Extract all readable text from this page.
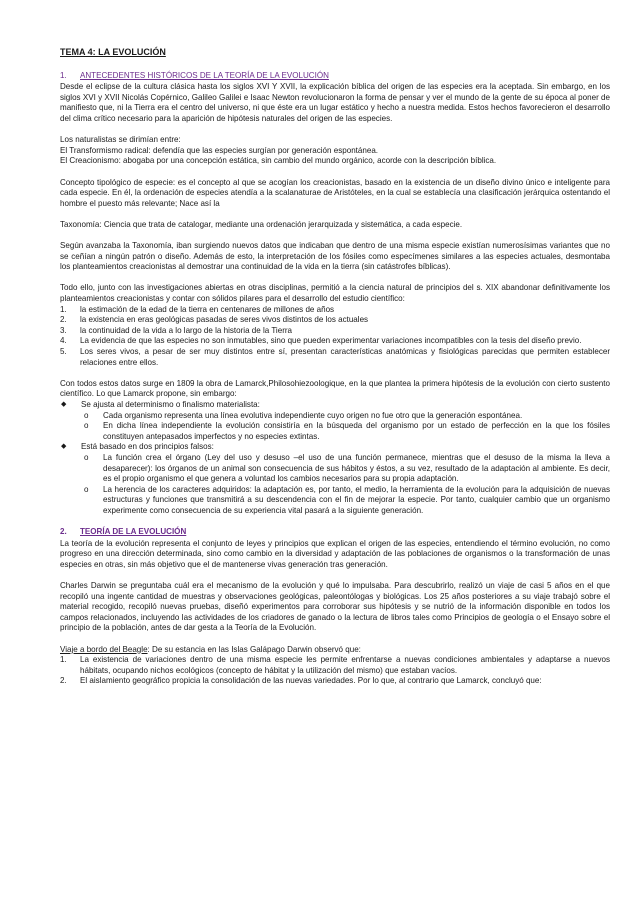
TEMA 4: LA EVOLUCIÓN
1.	ANTECEDENTES HISTÓRICOS DE LA TEORÍA DE LA EVOLUCIÓN

Desde el eclipse de la cultura clásica hasta los siglos XVI Y XVII, la explicación bíblica del origen de las especies era la aceptada. Sin embargo, en los siglos XVI y XVII Nicolás Copérnico, Galileo Galilei e Isaac Newton revolucionaron la forma de pensar y ver el mundo de la gente de su época al poner de manifiesto que, ni la Tierra era el centro del universo, ni que éste era un lugar estático y hecho a nuestra medida. Estos hechos favorecieron el desarrollo del clima crítico necesario para la aparición de hipótesis naturales del origen de las especies.

Los naturalistas se dirimían entre:

El Transformismo radical: defendía que las especies surgían por generación espontánea.

El Creacionismo: abogaba por una concepción estática, sin cambio del mundo orgánico, acorde con la descripción bíblica.

Concepto tipológico de especie: es el concepto al que se acogían los creacionistas, basado en la existencia de un diseño divino único e inteligente para cada especie. En él, la ordenación de especies atendía a la scalanaturae de Aristóteles, en la cual se establecía una clasificación jerárquica ostentando el hombre el puesto más relevante; Nace así la

Taxonomía: Ciencia que trata de catalogar, mediante una ordenación jerarquizada y sistemática, a cada especie.

Según avanzaba la Taxonomía, iban surgiendo nuevos datos que indicaban que dentro de una misma especie existían numerosísimas variantes que no se ceñían a ningún patrón o diseño. Además de esto, la interpretación de los fósiles como especímenes similares a las especies actuales, desmontaba los planteamientos creacionistas al demostrar una continuidad de la vida en la tierra (sin catástrofes bíblicas).

Todo ello, junto con las investigaciones abiertas en otras disciplinas, permitió a la ciencia natural de principios del s. XIX abandonar definitivamente los planteamientos creacionistas y contar con sólidos pilares para el desarrollo del estudio científico:

1.	la estimación de la edad de la tierra en centenares de millones de años
2.	la existencia en eras geológicas pasadas de seres vivos distintos de los actuales
3.	la continuidad de la vida a lo largo de la historia de la Tierra
4.	La evidencia de que las especies no son inmutables, sino que pueden experimentar variaciones incompatibles con la tesis del diseño previo.
5.	Los seres vivos, a pesar de ser muy distintos entre sí, presentan características anatómicas y fisiológicas parecidas que permiten establecer relaciones entre ellos.

Con todos estos datos surge en 1809 la obra de Lamarck,Philosohiezoologique, en la que plantea la primera hipótesis de la evolución con cierto sustento científico. Lo que Lamarck propone, sin embargo:

◆	Se ajusta al determinismo o finalismo materialista:
o	Cada organismo representa una línea evolutiva independiente cuyo origen no fue otro que la generación espontánea.
o	En dicha línea independiente la evolución consistiría en la búsqueda del organismo por un estado de perfección en la que los fósiles constituyen antepasados imperfectos y no especies extintas.
◆	Está basado en dos principios falsos:
o	La función crea el órgano (Ley del uso y desuso –el uso de una función permanece, mientras que el desuso de la misma la lleva a desaparecer): los órganos de un animal son consecuencia de sus hábitos y éstos, a su vez, resultado de la adaptación al ambiente. Es decir, es el propio organismo el que genera a voluntad los cambios necesarios para su propia adaptación.
o	La herencia de los caracteres adquiridos: la adaptación es, por tanto, el medio, la herramienta de la evolución para la adquisición de nuevas estructuras y funciones que transmitirá a su descendencia con el fin de mejorar la especie. Por tanto, cualquier cambio que un organismo experimente como consecuencia de su experiencia vital pasará a la siguiente generación.
2.	TEORÍA DE LA EVOLUCIÓN

La teoría de la evolución representa el conjunto de leyes y principios que explican el origen de las especies, entendiendo el término evolución, no como progreso en una dirección determinada, sino como cambio en la diversidad y adaptación de las poblaciones de organismos o la transformación de unas especies en otras, sin más objetivo que el de mantenerse vivas generación tras generación.

Charles Darwin se preguntaba cuál era el mecanismo de la evolución y qué lo impulsaba. Para descubrirlo, realizó un viaje de casi 5 años en el que recopiló una ingente cantidad de muestras y observaciones geológicas, paleontólogas y biológicas. Los 25 años posteriores a su viaje trabajó sobre el material recogido, recopiló nuevas pruebas, diseñó experimentos para corroborar sus hipótesis y se nutrió de la información disponible en todos los campos relacionados, incluyendo las actividades de los criadores de ganado o la lectura de libros tales como Principios de geología o el Ensayo sobre el principio de la población, antes de dar gesta a la Teoría de la Evolución.

Viaje a bordo del Beagle: De su estancia en las Islas Galápago Darwin observó que:

1.	La existencia de variaciones dentro de una misma especie les permite enfrentarse a nuevas condiciones ambientales y adaptarse a nuevos hábitats, ocupando nichos ecológicos (concepto de hábitat y la utilización del mismo) que estaban vacíos.
2.	El aislamiento geográfico propicia la consolidación de las nuevas variedades. Por lo que, al contrario que Lamarck, concluyó que:
